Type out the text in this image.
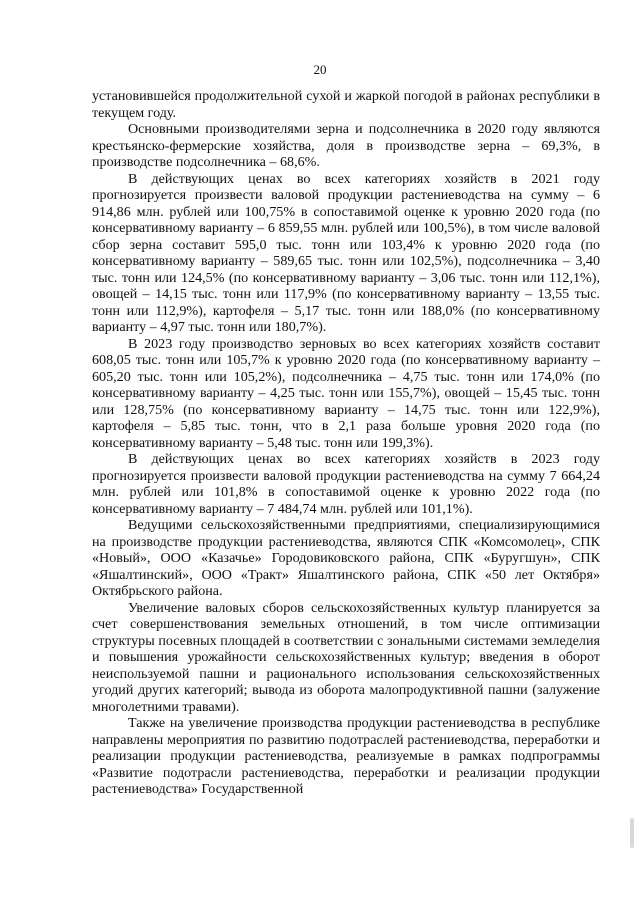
20

установившейся продолжительной сухой и жаркой погодой в районах республики в текущем году.

Основными производителями зерна и подсолнечника в 2020 году являются крестьянско-фермерские хозяйства, доля в производстве зерна – 69,3%, в производстве подсолнечника – 68,6%.

В действующих ценах во всех категориях хозяйств в 2021 году прогнозируется произвести валовой продукции растениеводства на сумму – 6 914,86 млн. рублей или 100,75% в сопоставимой оценке к уровню 2020 года (по консервативному варианту – 6 859,55 млн. рублей или 100,5%), в том числе валовой сбор зерна составит 595,0 тыс. тонн или 103,4% к уровню 2020 года (по консервативному варианту – 589,65 тыс. тонн или 102,5%), подсолнечника – 3,40 тыс. тонн или 124,5% (по консервативному варианту – 3,06 тыс. тонн или 112,1%), овощей – 14,15 тыс. тонн или 117,9% (по консервативному варианту – 13,55 тыс. тонн или 112,9%), картофеля – 5,17 тыс. тонн или 188,0% (по консервативному варианту – 4,97 тыс. тонн или 180,7%).

В 2023 году производство зерновых во всех категориях хозяйств составит 608,05 тыс. тонн или 105,7% к уровню 2020 года (по консервативному варианту – 605,20 тыс. тонн или 105,2%), подсолнечника – 4,75 тыс. тонн или 174,0% (по консервативному варианту – 4,25 тыс. тонн или 155,7%), овощей – 15,45 тыс. тонн или 128,75% (по консервативному варианту – 14,75 тыс. тонн или 122,9%), картофеля – 5,85 тыс. тонн, что в 2,1 раза больше уровня 2020 года (по консервативному варианту – 5,48 тыс. тонн или 199,3%).

В действующих ценах во всех категориях хозяйств в 2023 году прогнозируется произвести валовой продукции растениеводства на сумму 7 664,24 млн. рублей или 101,8% в сопоставимой оценке к уровню 2022 года (по консервативному варианту – 7 484,74 млн. рублей или 101,1%).

Ведущими сельскохозяйственными предприятиями, специализирующимися на производстве продукции растениеводства, являются СПК «Комсомолец», СПК «Новый», ООО «Казачье» Городовиковского района, СПК «Буругшун», СПК «Яшалтинский», ООО «Тракт» Яшалтинского района, СПК «50 лет Октября» Октябрьского района.

Увеличение валовых сборов сельскохозяйственных культур планируется за счет совершенствования земельных отношений, в том числе оптимизации структуры посевных площадей в соответствии с зональными системами земледелия и повышения урожайности сельскохозяйственных культур; введения в оборот неиспользуемой пашни и рационального использования сельскохозяйственных угодий других категорий; вывода из оборота малопродуктивной пашни (залужение многолетними травами).

Также на увеличение производства продукции растениеводства в республике направлены мероприятия по развитию подотраслей растениеводства, переработки и реализации продукции растениеводства, реализуемые в рамках подпрограммы «Развитие подотрасли растениеводства, переработки и реализации продукции растениеводства» Государственной
